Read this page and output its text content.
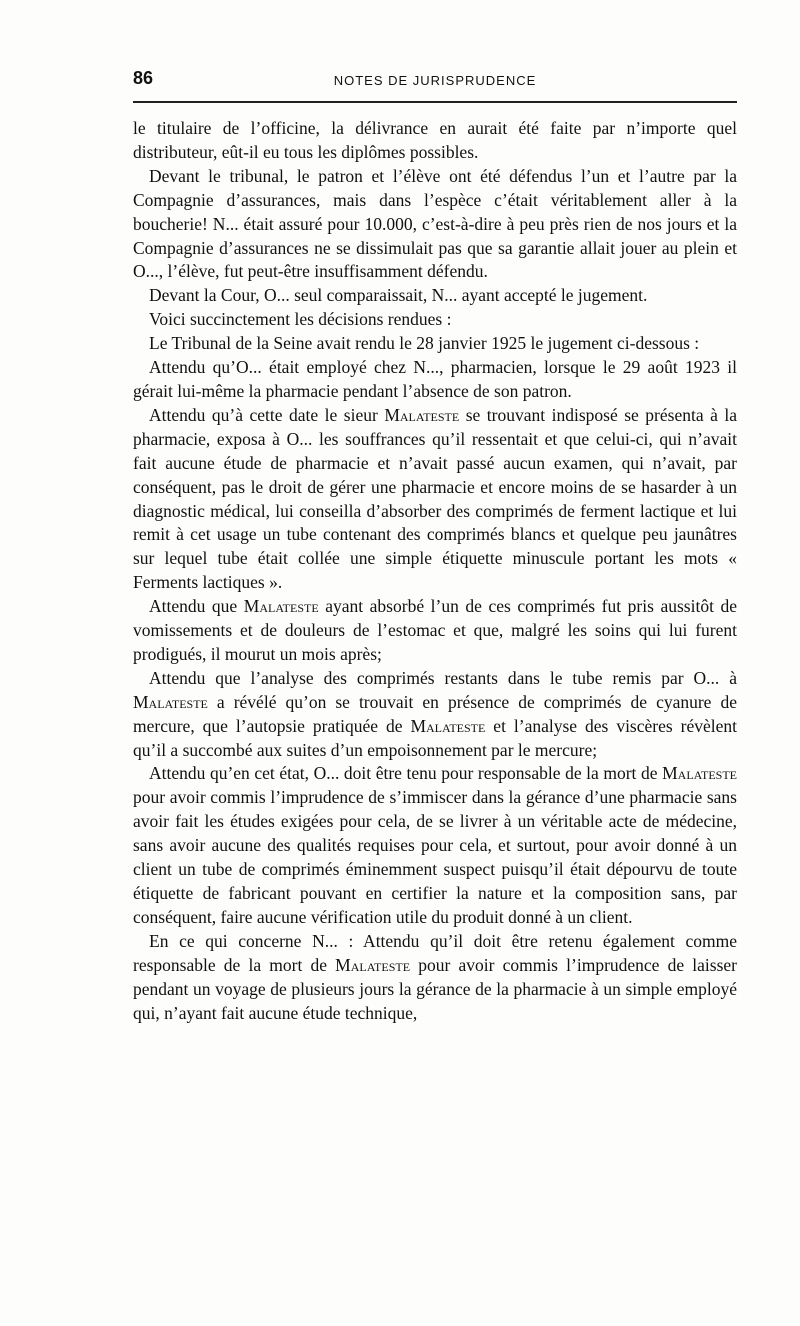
86	NOTES DE JURISPRUDENCE

le titulaire de l’officine, la délivrance en aurait été faite par n’importe quel distributeur, eût-il eu tous les diplômes possibles.

Devant le tribunal, le patron et l’élève ont été défendus l’un et l’autre par la Compagnie d’assurances, mais dans l’espèce c’était véritablement aller à la boucherie! N... était assuré pour 10.000, c’est-à-dire à peu près rien de nos jours et la Compagnie d’assurances ne se dissimulait pas que sa garantie allait jouer au plein et O..., l’élève, fut peut-être insuffisamment défendu.

Devant la Cour, O... seul comparaissait, N... ayant accepté le jugement.

Voici succinctement les décisions rendues :

Le Tribunal de la Seine avait rendu le 28 janvier 1925 le jugement ci-dessous :

Attendu qu’O... était employé chez N..., pharmacien, lorsque le 29 août 1923 il gérait lui-même la pharmacie pendant l’absence de son patron.

Attendu qu’à cette date le sieur Malateste se trouvant indisposé se présenta à la pharmacie, exposa à O... les souffrances qu’il ressentait et que celui-ci, qui n’avait fait aucune étude de pharmacie et n’avait passé aucun examen, qui n’avait, par conséquent, pas le droit de gérer une pharmacie et encore moins de se hasarder à un diagnostic médical, lui conseilla d’absorber des comprimés de ferment lactique et lui remit à cet usage un tube contenant des comprimés blancs et quelque peu jaunâtres sur lequel tube était collée une simple étiquette minuscule portant les mots « Ferments lactiques ».

Attendu que Malateste ayant absorbé l’un de ces comprimés fut pris aussitôt de vomissements et de douleurs de l’estomac et que, malgré les soins qui lui furent prodigués, il mourut un mois après;

Attendu que l’analyse des comprimés restants dans le tube remis par O... à Malateste a révélé qu’on se trouvait en présence de comprimés de cyanure de mercure, que l’autopsie pratiquée de Malateste et l’analyse des viscères révèlent qu’il a succombé aux suites d’un empoisonnement par le mercure;

Attendu qu’en cet état, O... doit être tenu pour responsable de la mort de Malateste pour avoir commis l’imprudence de s’immiscer dans la gérance d’une pharmacie sans avoir fait les études exigées pour cela, de se livrer à un véritable acte de médecine, sans avoir aucune des qualités requises pour cela, et surtout, pour avoir donné à un client un tube de comprimés éminemment suspect puisqu’il était dépourvu de toute étiquette de fabricant pouvant en certifier la nature et la composition sans, par conséquent, faire aucune vérification utile du produit donné à un client.

En ce qui concerne N... : Attendu qu’il doit être retenu également comme responsable de la mort de Malateste pour avoir commis l’imprudence de laisser pendant un voyage de plusieurs jours la gérance de la pharmacie à un simple employé qui, n’ayant fait aucune étude technique,
